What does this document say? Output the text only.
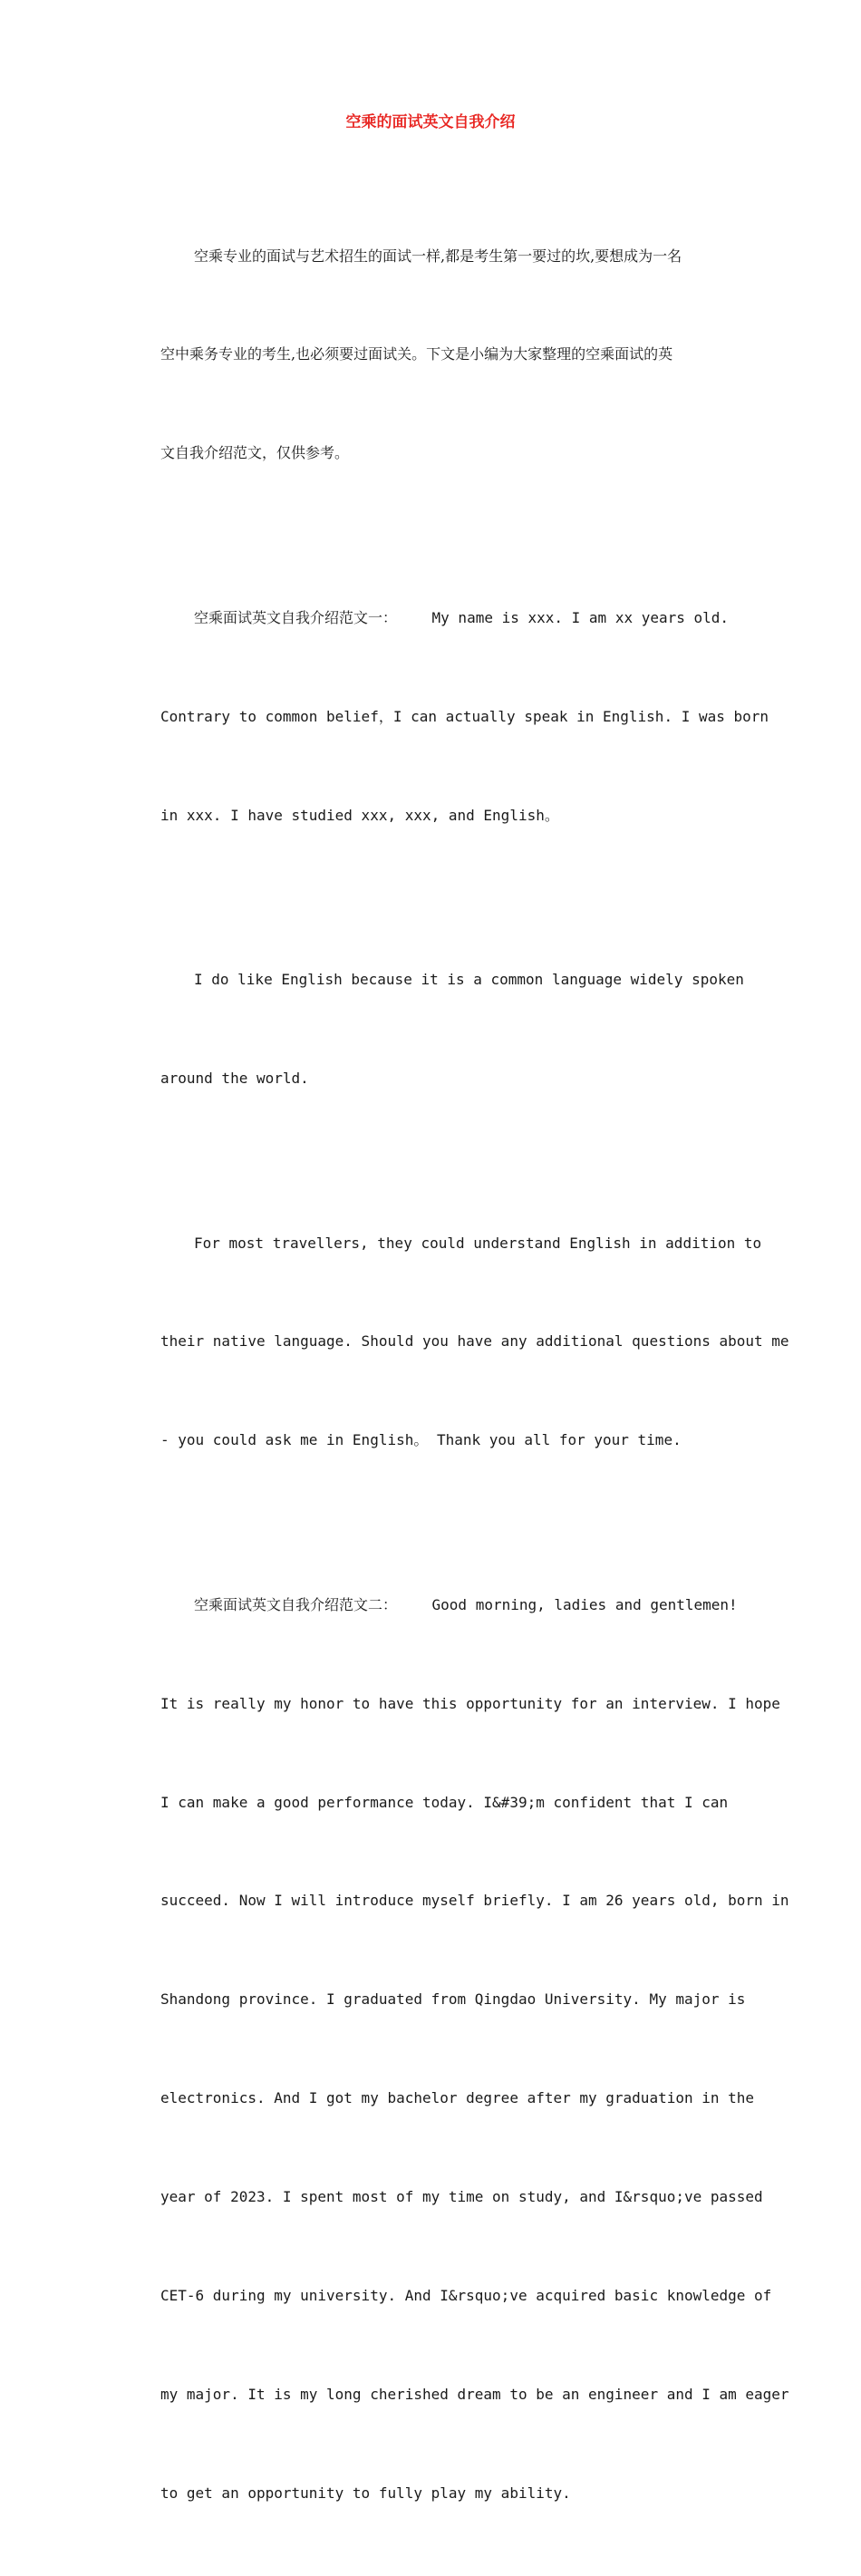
空乘的面试英文自我介绍

空乘专业的面试与艺术招生的面试一样,都是考生第一要过的坎,要想成为一名

空中乘务专业的考生,也必须要过面试关。下文是小编为大家整理的空乘面试的英

文自我介绍范文，仅供参考。

空乘面试英文自我介绍范文一：    My name is xxx. I am xx years old.

Contrary to common belief，I can actually speak in English. I was born

in xxx. I have studied xxx, xxx, and English。

I do like English because it is a common language widely spoken

around the world.

For most travellers, they could understand English in addition to

their native language. Should you have any additional questions about me

- you could ask me in English。 Thank you all for your time.

空乘面试英文自我介绍范文二：    Good morning, ladies and gentlemen!

It is really my honor to have this opportunity for an interview. I hope

I can make a good performance today. I&#39;m confident that I can

succeed. Now I will introduce myself briefly. I am 26 years old, born in

Shandong province. I graduated from Qingdao University. My major is

electronics. And I got my bachelor degree after my graduation in the

year of 2023. I spent most of my time on study, and I&rsquo;ve passed

CET-6 during my university. And I&rsquo;ve acquired basic knowledge of

my major. It is my long cherished dream to be an engineer and I am eager

to get an opportunity to fully play my ability.
